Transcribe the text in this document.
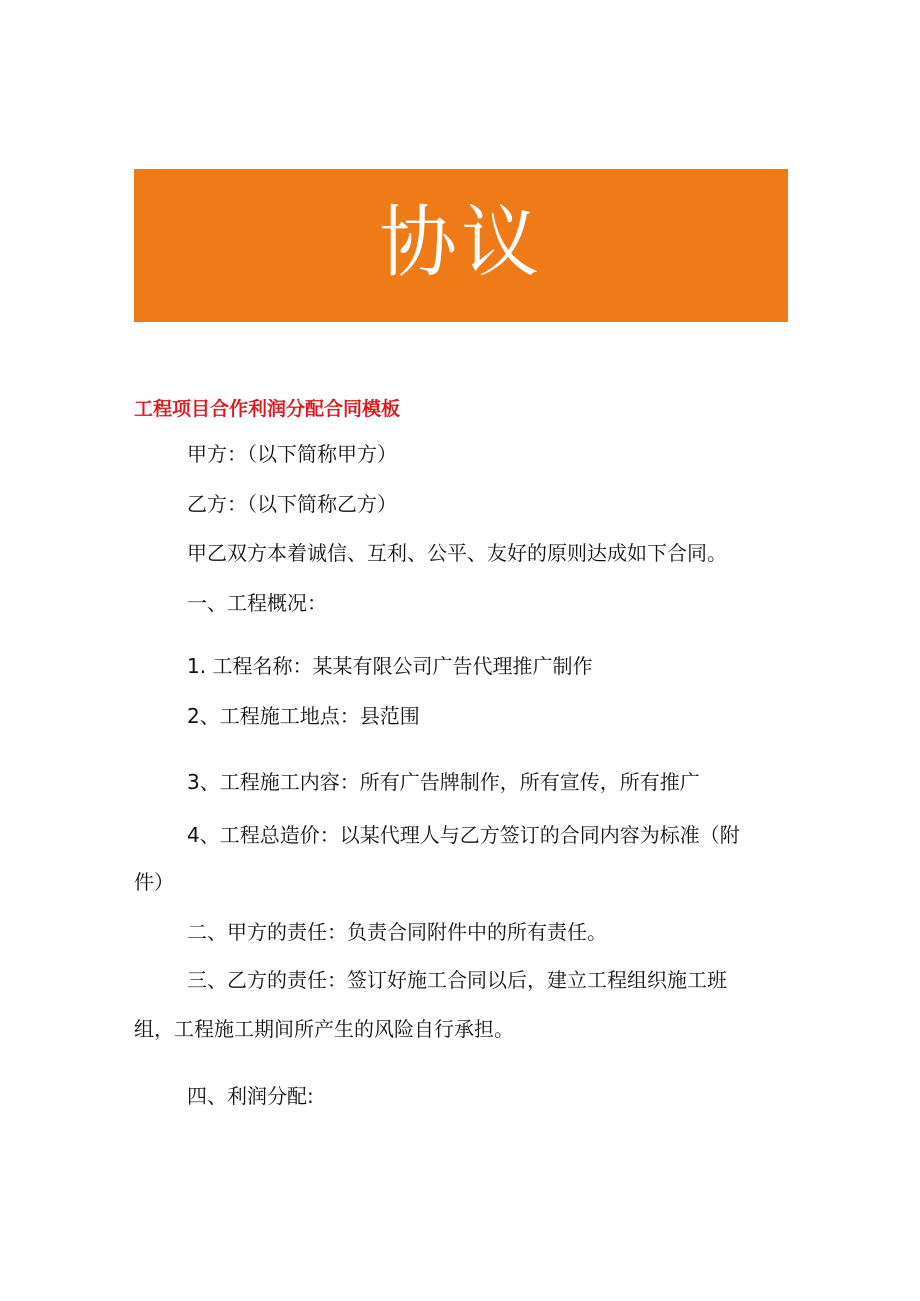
协议
工程项目合作利润分配合同模板

甲方：（以下简称甲方）

乙方：（以下简称乙方）

甲乙双方本着诚信、互利、公平、友好的原则达成如下合同。

一、工程概况：

1. 工程名称：某某有限公司广告代理推广制作

2、工程施工地点：县范围

3、工程施工内容：所有广告牌制作，所有宣传，所有推广

4、工程总造价：以某代理人与乙方签订的合同内容为标准（附

件）

二、甲方的责任：负责合同附件中的所有责任。

三、乙方的责任：签订好施工合同以后，建立工程组织施工班

组，工程施工期间所产生的风险自行承担。

四、利润分配:
